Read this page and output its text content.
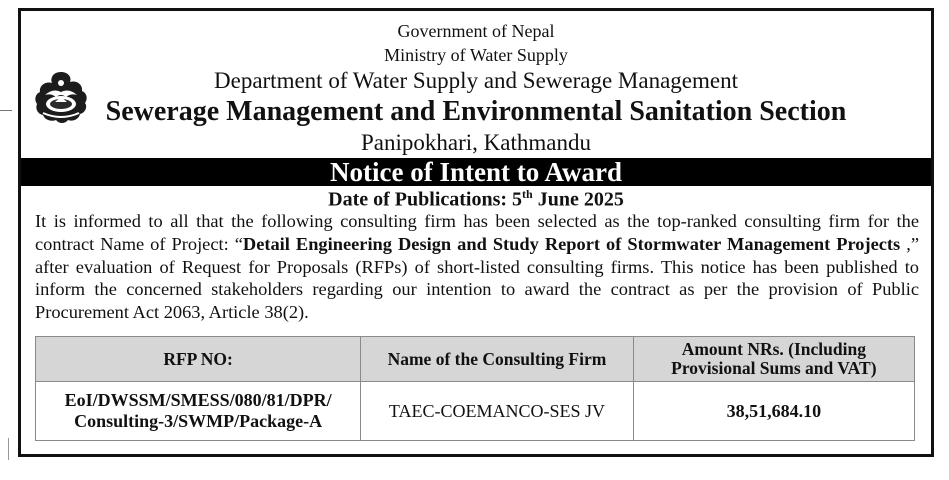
Government of Nepal
Ministry of Water Supply
Department of Water Supply and Sewerage Management
Sewerage Management and Environmental Sanitation Section
Panipokhari, Kathmandu
Notice of Intent to Award
Date of Publications: 5th June 2025
It is informed to all that the following consulting firm has been selected as the top-ranked consulting firm for the contract Name of Project: “Detail Engineering Design and Study Report of Stormwater Management Projects ,” after evaluation of Request for Proposals (RFPs) of short-listed consulting firms. This notice has been published to inform the concerned stakeholders regarding our intention to award the contract as per the provision of Public Procurement Act 2063, Article 38(2).
RFP NO:	Name of the Consulting Firm	Amount NRs. (Including Provisional Sums and VAT)
EoI/DWSSM/SMESS/080/81/DPR/ Consulting-3/SWMP/Package-A	TAEC-COEMANCO-SES JV	38,51,684.10
